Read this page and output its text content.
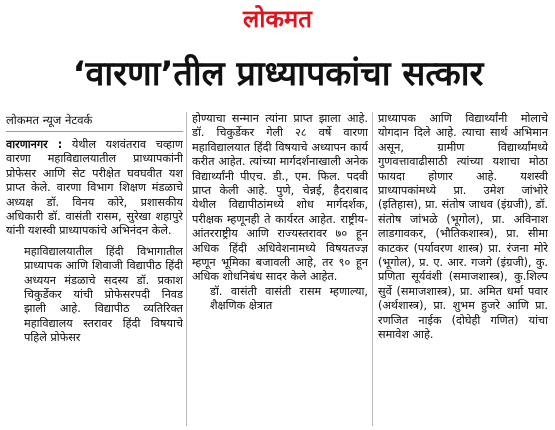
लोकमत
‘वारणा’तील प्राध्यापकांचा सत्कार
लोकमत न्यूज नेटवर्क

वारणानगर : येथील यशवंतराव चव्हाण वारणा महाविद्यालयातील प्राध्यापकांनी प्रोफेसर आणि सेट परीक्षेत घवघवीत यश प्राप्त केले. वारणा विभाग शिक्षण मंडळाचे अध्यक्ष डॉ. विनय कोरे, प्रशासकीय अधिकारी डॉ. वासंती रासम, सुरेखा शहापुरे यांनी यशस्वी प्राध्यापकांचे अभिनंदन केले.

महाविद्यालयातील हिंदी विभागातील प्राध्यापक आणि शिवाजी विद्यापीठ हिंदी अध्ययन मंडळाचे सदस्य डॉ. प्रकाश चिकुर्डेकर यांची प्रोफेसरपदी निवड झाली आहे. विद्यापीठ व्यतिरिक्त महाविद्यालय स्तरावर हिंदी विषयाचे पहिले प्रोफेसर

होण्याचा सन्मान त्यांना प्राप्त झाला आहे. डॉ. चिकुर्डेकर गेली २८ वर्षे वारणा महाविद्यालयात हिंदी विषयाचे अध्यापन कार्य करीत आहेत. त्यांच्या मार्गदर्शनाखाली अनेक विद्यार्थ्यांनी पीएच. डी., एम. फिल. पदवी प्राप्त केली आहे. पुणे, चेन्नई, हैदराबाद येथील विद्यापीठांमध्ये शोध मार्गदर्शक, परीक्षक म्हणूनही ते कार्यरत आहेत. राष्ट्रीय-आंतरराष्ट्रीय आणि राज्यस्तरावर ७० हून अधिक हिंदी अधिवेशनामध्ये विषयतज्ज्ञ म्हणून भूमिका बजावली आहे, तर ९० हून अधिक शोधनिबंध सादर केले आहेत.

डॉ. वासंती वासंती रासम म्हणाल्या, शैक्षणिक क्षेत्रात

प्राध्यापक आणि विद्यार्थ्यांनी मोलाचे योगदान दिले आहे. त्याचा सार्थ अभिमान असून, ग्रामीण विद्यार्थ्यांमध्ये गुणवत्तावाढीसाठी त्यांच्या यशाचा मोठा फायदा होणार आहे. यशस्वी प्राध्यापकांमध्ये प्रा. उमेश जांभोरे (इतिहास), प्रा. संतोष जाधव (इंग्रजी), डॉ. संतोष जांभळे (भूगोल), प्रा. अविनाश लाडगावकर, (भौतिकशास्त्र), प्रा. सीमा काटकर (पर्यावरण शास्त्र) प्रा. रंजना मोरे (भूगोल), प्र. ए. आर. गजगे (इंग्रजी), कु. प्रणिता सूर्यवंशी (समाजशास्त्र), कु.शिल्प सुर्वे (समाजशास्त्र), प्रा. अमित धर्मा पवार (अर्थशास्त्र), प्रा. शुभम हुजरे आणि प्रा. रणजित नाईक (दोघेही गणित) यांचा समावेश आहे.
